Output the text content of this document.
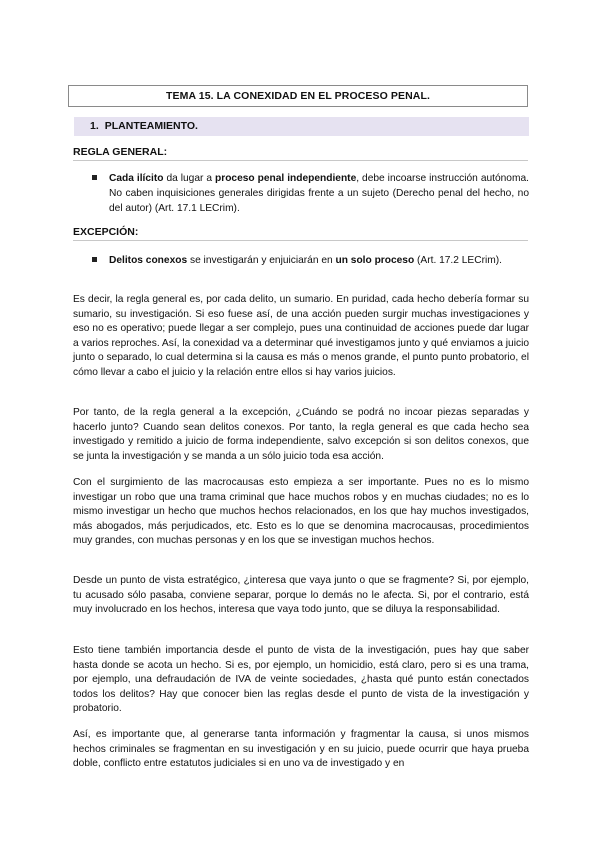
TEMA 15. LA CONEXIDAD EN EL PROCESO PENAL.
1. PLANTEAMIENTO.
REGLA GENERAL:
Cada ilícito da lugar a proceso penal independiente, debe incoarse instrucción autónoma. No caben inquisiciones generales dirigidas frente a un sujeto (Derecho penal del hecho, no del autor) (Art. 17.1 LECrim).
EXCEPCIÓN:
Delitos conexos se investigarán y enjuiciarán en un solo proceso (Art. 17.2 LECrim).
Es decir, la regla general es, por cada delito, un sumario. En puridad, cada hecho debería formar su sumario, su investigación. Si eso fuese así, de una acción pueden surgir muchas investigaciones y eso no es operativo; puede llegar a ser complejo, pues una continuidad de acciones puede dar lugar a varios reproches. Así, la conexidad va a determinar qué investigamos junto y qué enviamos a juicio junto o separado, lo cual determina si la causa es más o menos grande, el punto punto probatorio, el cómo llevar a cabo el juicio y la relación entre ellos si hay varios juicios.
Por tanto, de la regla general a la excepción, ¿Cuándo se podrá no incoar piezas separadas y hacerlo junto? Cuando sean delitos conexos. Por tanto, la regla general es que cada hecho sea investigado y remitido a juicio de forma independiente, salvo excepción si son delitos conexos, que se junta la investigación y se manda a un sólo juicio toda esa acción.
Con el surgimiento de las macrocausas esto empieza a ser importante. Pues no es lo mismo investigar un robo que una trama criminal que hace muchos robos y en muchas ciudades; no es lo mismo investigar un hecho que muchos hechos relacionados, en los que hay muchos investigados, más abogados, más perjudicados, etc. Esto es lo que se denomina macrocausas, procedimientos muy grandes, con muchas personas y en los que se investigan muchos hechos.
Desde un punto de vista estratégico, ¿interesa que vaya junto o que se fragmente? Si, por ejemplo, tu acusado sólo pasaba, conviene separar, porque lo demás no le afecta. Si, por el contrario, está muy involucrado en los hechos, interesa que vaya todo junto, que se diluya la responsabilidad.
Esto tiene también importancia desde el punto de vista de la investigación, pues hay que saber hasta donde se acota un hecho. Si es, por ejemplo, un homicidio, está claro, pero si es una trama, por ejemplo, una defraudación de IVA de veinte sociedades, ¿hasta qué punto están conectados todos los delitos? Hay que conocer bien las reglas desde el punto de vista de la investigación y probatorio.
Así, es importante que, al generarse tanta información y fragmentar la causa, si unos mismos hechos criminales se fragmentan en su investigación y en su juicio, puede ocurrir que haya prueba doble, conflicto entre estatutos judiciales si en uno va de investigado y en
